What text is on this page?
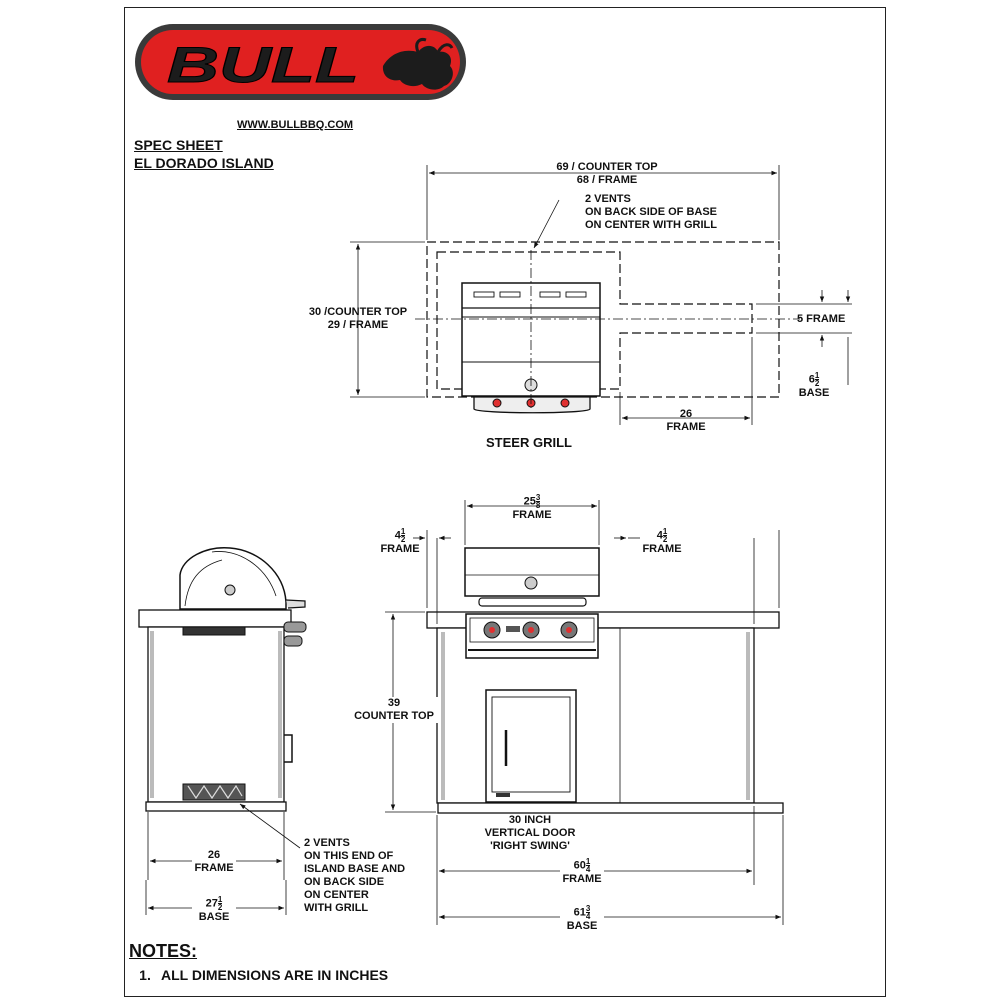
BULL
WWW.BULLBBQ.COM
SPEC SHEET
EL DORADO ISLAND	69 / COUNTER TOP
68 / FRAME
2 VENTS
ON BACK SIDE OF BASE
ON CENTER WITH GRILL
30 /COUNTER TOP
29 / FRAME	5 FRAME
$6 \frac{1}{2}$
BASE
26
FRAME
STEER GRILL
$25 \frac{3}{8}$
FRAME
$4 \frac{1}{2}$
FRAME
$4 \frac{1}{2}$
FRAME
39
COUNTER TOP
30 INCH
VERTICAL DOOR
'RIGHT SWING'
$60 \frac{1}{4}$
FRAME
$61 \frac{3}{4}$
BASE
26
FRAME
$27 \frac{1}{2}$
BASE
2 VENTS
ON THIS END OF
ISLAND BASE AND
ON BACK SIDE
ON CENTER
WITH GRILL
NOTES:
1. ALL DIMENSIONS ARE IN INCHES
